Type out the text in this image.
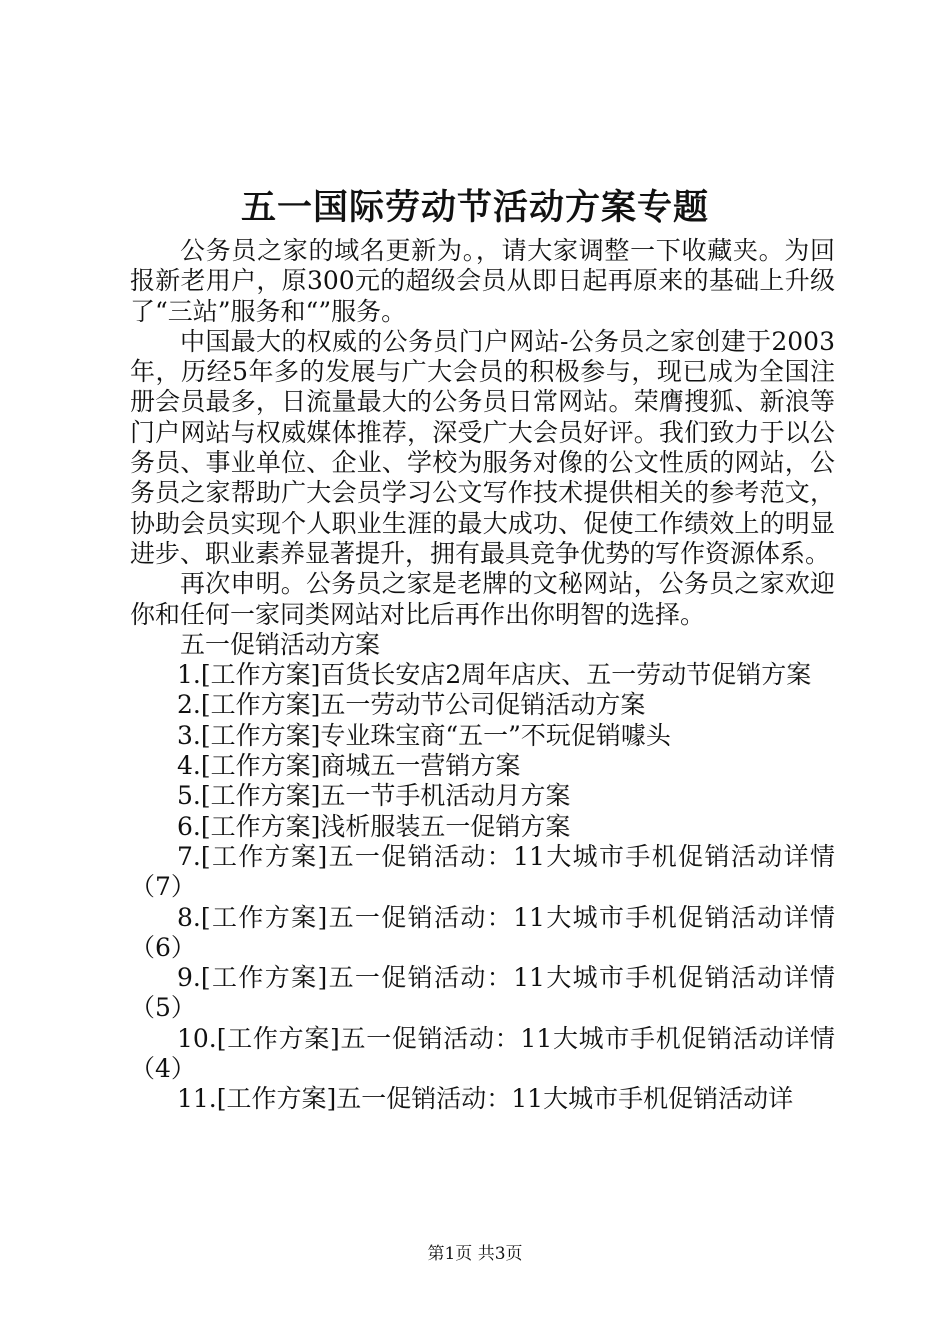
五一国际劳动节活动方案专题

公务员之家的域名更新为。，请大家调整一下收藏夹。为回报新老用户，原300元的超级会员从即日起再原来的基础上升级了“三站”服务和“”服务。

中国最大的权威的公务员门户网站-公务员之家创建于2003年，历经5年多的发展与广大会员的积极参与，现已成为全国注册会员最多，日流量最大的公务员日常网站。荣膺搜狐、新浪等门户网站与权威媒体推荐，深受广大会员好评。我们致力于以公务员、事业单位、企业、学校为服务对像的公文性质的网站，公务员之家帮助广大会员学习公文写作技术提供相关的参考范文，协助会员实现个人职业生涯的最大成功、促使工作绩效上的明显进步、职业素养显著提升，拥有最具竞争优势的写作资源体系。

再次申明。公务员之家是老牌的文秘网站，公务员之家欢迎你和任何一家同类网站对比后再作出你明智的选择。

五一促销活动方案

1.[工作方案]百货长安店2周年店庆、五一劳动节促销方案

2.[工作方案]五一劳动节公司促销活动方案

3.[工作方案]专业珠宝商“五一”不玩促销噱头

4.[工作方案]商城五一营销方案

5.[工作方案]五一节手机活动月方案

6.[工作方案]浅析服装五一促销方案

7.[工作方案]五一促销活动：11大城市手机促销活动详情（7）

8.[工作方案]五一促销活动：11大城市手机促销活动详情（6）

9.[工作方案]五一促销活动：11大城市手机促销活动详情（5）

10.[工作方案]五一促销活动：11大城市手机促销活动详情（4）

11.[工作方案]五一促销活动：11大城市手机促销活动详

第1页 共3页
